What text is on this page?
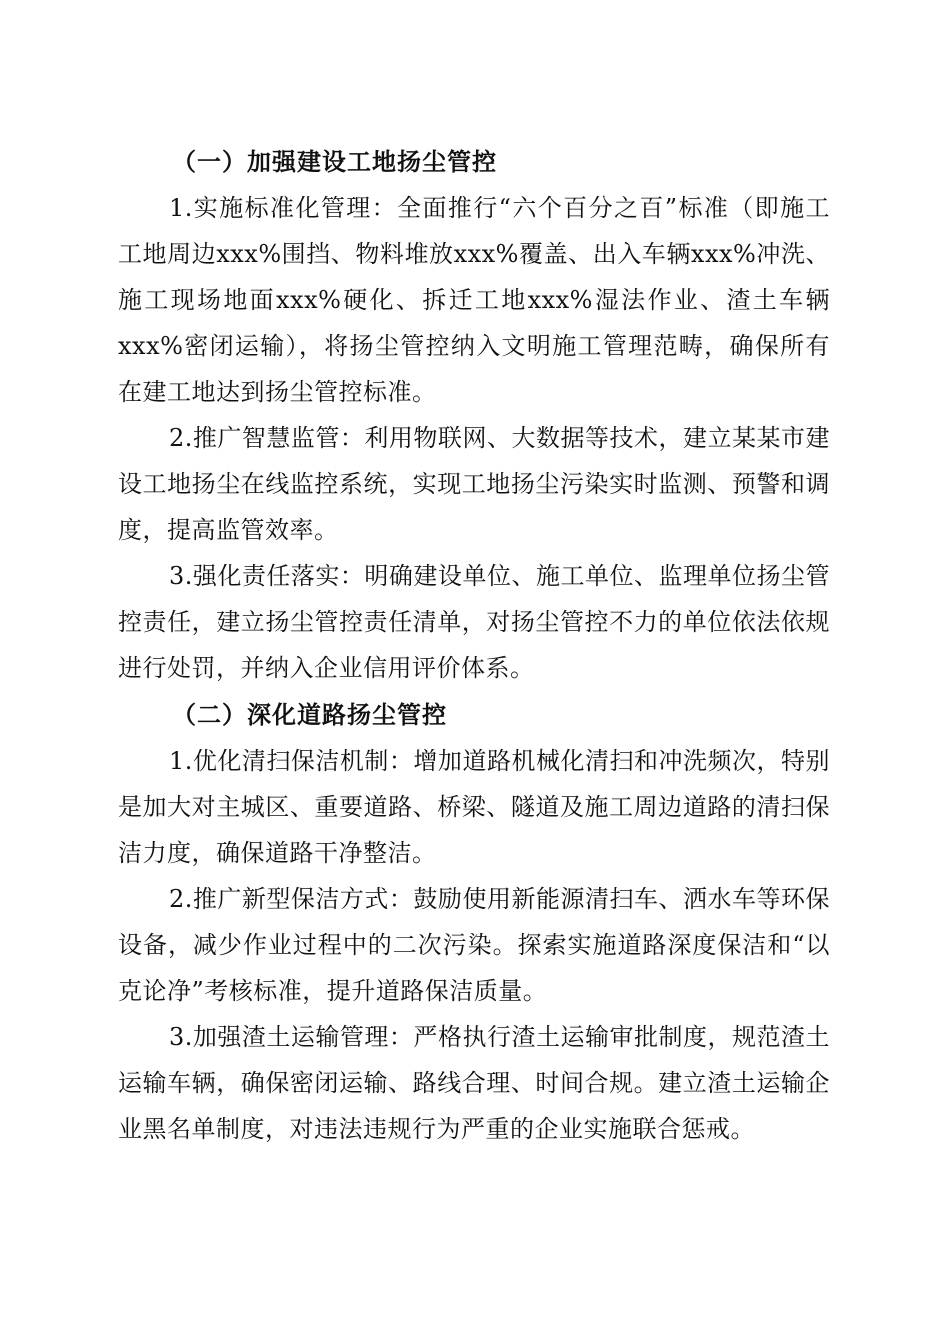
（一）加强建设工地扬尘管控

1.实施标准化管理：全面推行“六个百分之百”标准（即施工工地周边xxx%围挡、物料堆放xxx%覆盖、出入车辆xxx%冲洗、施工现场地面xxx%硬化、拆迁工地xxx%湿法作业、渣土车辆xxx%密闭运输），将扬尘管控纳入文明施工管理范畴，确保所有在建工地达到扬尘管控标准。

2.推广智慧监管：利用物联网、大数据等技术，建立某某市建设工地扬尘在线监控系统，实现工地扬尘污染实时监测、预警和调度，提高监管效率。

3.强化责任落实：明确建设单位、施工单位、监理单位扬尘管控责任，建立扬尘管控责任清单，对扬尘管控不力的单位依法依规进行处罚，并纳入企业信用评价体系。

（二）深化道路扬尘管控

1.优化清扫保洁机制：增加道路机械化清扫和冲洗频次，特别是加大对主城区、重要道路、桥梁、隧道及施工周边道路的清扫保洁力度，确保道路干净整洁。

2.推广新型保洁方式：鼓励使用新能源清扫车、洒水车等环保设备，减少作业过程中的二次污染。探索实施道路深度保洁和“以克论净”考核标准，提升道路保洁质量。

3.加强渣土运输管理：严格执行渣土运输审批制度，规范渣土运输车辆，确保密闭运输、路线合理、时间合规。建立渣土运输企业黑名单制度，对违法违规行为严重的企业实施联合惩戒。
